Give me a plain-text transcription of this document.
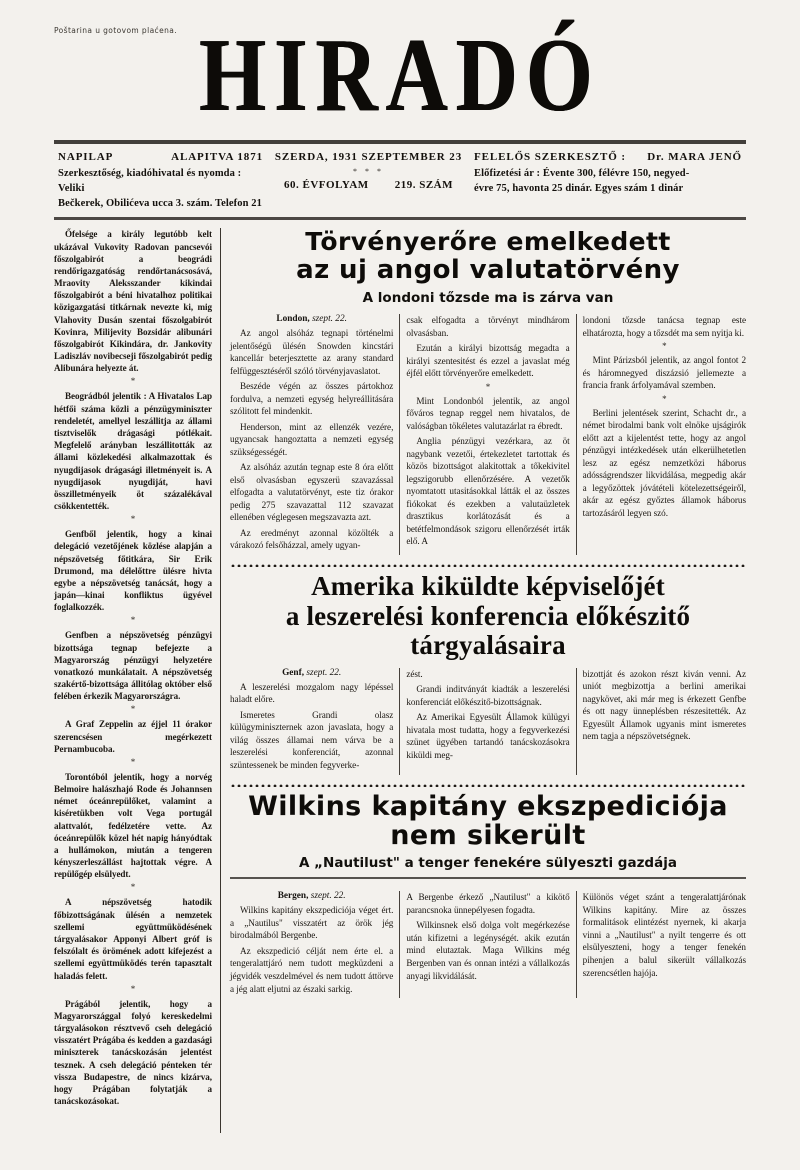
Poštarina u gotovom plaćena. HIRADÓ
NAPILAP	ALAPITVA 1871
Szerkesztőség, kiadóhivatal és nyomda : Veliki
Bečkerek, Obilićeva ucca 3. szám. Telefon 21
SZERDA, 1931 SZEPTEMBER 23
* * *
60. ÉVFOLYAM 219. SZÁM
FELELŐS SZERKESZTŐ : Dr. MARA JENŐ
Előfizetési ár : Évente 300, félévre 150, negyed-
évre 75, havonta 25 dinár. Egyes szám 1 dinár

Őfelsége a király legutóbb kelt ukázával Vukovity Radovan pancsevói főszolgabirót a beográdi rendőrigazgatóság rendőrtanácsosává, Mraovity Aleksszander kikindai főszolgabirót a béni hivatalhoz politikai közigazgatási titkárnak nevezte ki, mig Vlahovity Dusán szentai főszolgabirót Kovinra, Milijevity Bozsidár alibunári főszolgabirót Kikindára, dr. Jankovity Ladiszláv novibecseji főszolgabirót pedig Alibunára helyezte át.

*

Beográdból jelentik : A Hivatalos Lap hétfői száma közli a pénzügyminiszter rendeletét, amellyel leszállitja az állami tisztviselők drágasági pótlékait. Megfelelő arányban leszállitották az állami közlekedési alkalmazottak és nyugdijasok drágasági illetményeit is. A nyugdijasok nyugdiját, havi összilletményeik öt százalékával csökkentették.

*

Genfből jelentik, hogy a kinai delegáció vezetőjének közlése alapján a népszövetség főtitkára, Sir Erik Drumond, ma délelőttre ülésre hivta egybe a népszövetség tanácsát, hogy a japán—kinai konfliktus ügyével foglalkozzék.

*

Genfben a népszövetség pénzügyi bizottsága tegnap befejezte a Magyarország pénzügyi helyzetére vonatkozó munkálatait. A népszövetség szakértő-bizottsága állitólag október első felében érkezik Magyarországra.

*

A Graf Zeppelin az éjjel 11 órakor szerencsésen megérkezett Pernambucoba.

*

Torontóból jelentik, hogy a norvég Belmoire halászhajó Rode és Johannsen német óceánrepülőket, valamint a kiséretükben volt Vega portugál alattvalót, fedélzetére vette. Az óceánrepülők közel hét napig hányódtak a hullámokon, miután a tengeren kényszerleszállást hajtottak végre. A repülőgép elsülyedt.

*

A népszövetség hatodik főbizottságának ülésén a nemzetek szellemi együttmüködésének tárgyalásakor Apponyi Albert gróf is felszólalt és örömének adott kifejezést a szellemi együttmüködés terén tapasztalt haladás felett.

*

Prágából jelentik, hogy a Magyarországgal folyó kereskedelmi tárgyalásokon résztvevő cseh delegáció visszatért Prágába és kedden a gazdasági miniszterek tanácskozásán jelentést tesznek. A cseh delegáció pénteken tér vissza Budapestre, de nincs kizárva, hogy Prágában folytatják a tanácskozásokat.

Törvényerőre emelkedett
az uj angol valutatörvény
A londoni tőzsde ma is zárva van
London, szept. 22.

Az angol alsóház tegnapi történelmi jelentőségü ülésén Snowden kincstári kancellár beterjesztette az arany standard felfüggesztéséről szóló törvényjavaslatot.

Beszéde végén az összes pártokhoz fordulva, a nemzeti egység helyreállitására szólitott fel mindenkit.

Henderson, mint az ellenzék vezére, ugyancsak hangoztatta a nemzeti egység szükségességét.

Az alsóház azután tegnap este 8 óra előtt első olvasásban egyszerü szavazással elfogadta a valutatörvényt, este tiz órakor pedig 275 szavazattal 112 szavazat ellenében véglegesen megszavazta azt.

Az eredményt azonnal közölték a várakozó felsőházzal, amely ugyan-

csak elfogadta a törvényt mindhárom olvasásban.

Ezután a királyi bizottság megadta a királyi szentesitést és ezzel a javaslat még éjfél előtt törvényerőre emelkedett.

*

Mint Londonból jelentik, az angol főváros tegnap reggel nem hivatalos, de valóságban tökéletes valutazárlat ra ébredt.

Anglia pénzügyi vezérkara, az öt nagybank vezetői, értekezletet tartottak és közös bizottságot alakitottak a tőkekivitel legszigorubb ellenőrzésére. A vezetők nyomtatott utasitásokkal látták el az összes fiókokat és ezekben a valutaüzletek drasztikus korlátozását és a betétfelmondások szigoru ellenőrzését irták elő. A

londoni tőzsde tanácsa tegnap este elhatározta, hogy a tőzsdét ma sem nyitja ki.

*

Mint Párizsból jelentik, az angol fontot 2 és háromnegyed diszázsió jellemezte a francia frank árfolyamával szemben.

*

Berlini jelentések szerint, Schacht dr., a német birodalmi bank volt elnöke ujságirók előtt azt a kijelentést tette, hogy az angol pénzügyi intézkedések után elkerülhetetlen lesz az egész nemzetközi háborus adósságrendszer likvidálása, megpedig akár a legyőzöttek jóvátételi kötelezettségeiről, akár az egész győztes államok háborus tartozásáról legyen szó.

Amerika kiküldte képviselőjét
a leszerelési konferencia előkészitő
tárgyalásaira
Genf, szept. 22.

A leszerelési mozgalom nagy lépéssel haladt előre.

Ismeretes Grandi olasz külügyminiszternek azon javaslata, hogy a világ összes államai nem várva be a leszerelési konferenciát, azonnal szüntessenek be minden fegyverke-

zést.

Grandi inditványát kiadták a leszerelési konferenciát előkészitő-bizottságnak.

Az Amerikai Egyesült Államok külügyi hivatala most tudatta, hogy a fegyverkezési szünet ügyében tartandó tanácskozásokra kiküldi meg-

bizottját és azokon részt kiván venni. Az uniót megbizottja a berlini amerikai nagykövet, aki már meg is érkezett Genfbe és ott nagy ünneplésben részesitették. Az Egyesült Államok ugyanis mint ismeretes nem tagja a népszövetségnek.

Wilkins kapitány ekszpediciója
nem sikerült
A „Nautilust" a tenger fenekére sülyeszti gazdája
Bergen, szept. 22.

Wilkins kapitány ekszpediciója véget ért. a „Nautilus" visszatért az örök jég birodalmából Bergenbe.

Az ekszpedició célját nem érte el. a tengeralattjáró nem tudott megküzdeni a jégvidék veszdelmével és nem tudott áttörve a jég alatt eljutni az északi sarkig.

A Bergenbe érkező „Nautilust" a kikötő parancsnoka ünnepélyesen fogadta.

Wilkinsnek első dolga volt megérkezése után kifizetni a legénységét. akik ezután mind elutaztak. Maga Wilkins még Bergenben van és onnan intézi a vállalkozás anyagi likvidálását.

Különös véget szánt a tengeralattjárónak Wilkins kapitány. Mire az összes formalitások elintézést nyernek, ki akarja vinni a „Nautilust" a nyilt tengerre és ott elsülyeszteni, hogy a tenger fenekén pihenjen a balul sikerült vállalkozás szerencsétlen hajója.
